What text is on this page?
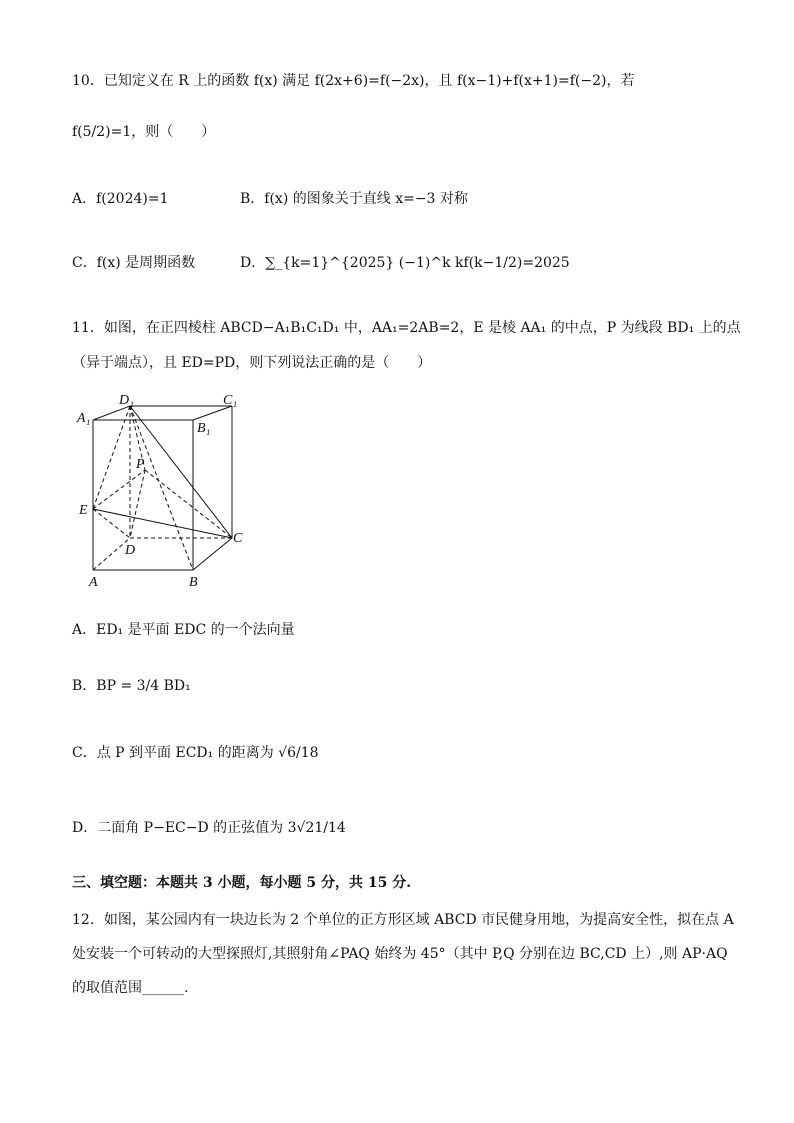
10．已知定义在 R 上的函数 f(x) 满足 f(2x+6)=f(−2x)，且 f(x−1)+f(x+1)=f(−2)，若
f(5/2)=1，则（　　）
A．f(2024)=1	B．f(x) 的图象关于直线 x=−3 对称
C．f(x) 是周期函数	D．∑_{k=1}^{2025} (−1)^k kf(k−1/2)=2025
11．如图，在正四棱柱 ABCD−A₁B₁C₁D₁ 中，AA₁=2AB=2，E 是棱 AA₁ 的中点，P 为线段 BD₁ 上的点
（异于端点），且 ED=PD，则下列说法正确的是（　　）
D₁	C₁
A₁
B₁
P
E
D
C
A	B
A．ED₁ 是平面 EDC 的一个法向量
B．BP = 3/4 BD₁
C．点 P 到平面 ECD₁ 的距离为 √6/18
D．二面角 P−EC−D 的正弦值为 3√21/14
三、填空题：本题共 3 小题，每小题 5 分，共 15 分.
12．如图，某公园内有一块边长为 2 个单位的正方形区域 ABCD 市民健身用地，为提高安全性，拟在点 A
处安装一个可转动的大型探照灯,其照射角∠PAQ 始终为 45°（其中 P,Q 分别在边 BC,CD 上）,则 AP·AQ
的取值范围______.
